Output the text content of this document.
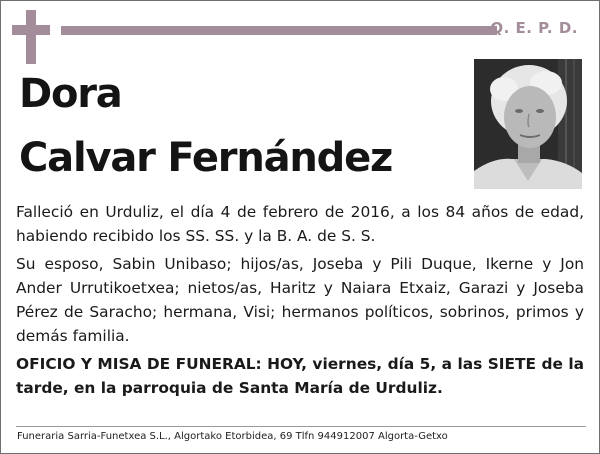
Q. E. P. D.
Dora
Calvar Fernández

Falleció en Urduliz, el día 4 de febrero de 2016, a los 84 años de edad, habiendo recibido los SS. SS. y la B. A. de S. S.

Su esposo, Sabin Unibaso; hijos/as, Joseba y Pili Duque, Ikerne y Jon Ander Urrutikoetxea; nietos/as, Haritz y Naiara Etxaiz, Garazi y Joseba Pérez de Saracho; hermana, Visi; hermanos políticos, sobrinos, primos y demás familia.

OFICIO Y MISA DE FUNERAL: HOY, viernes, día 5, a las SIETE de la tarde, en la parroquia de Santa María de Urduliz.

Funeraria Sarria-Funetxea S.L., Algortako Etorbidea, 69 Tlfn 944912007 Algorta-Getxo
